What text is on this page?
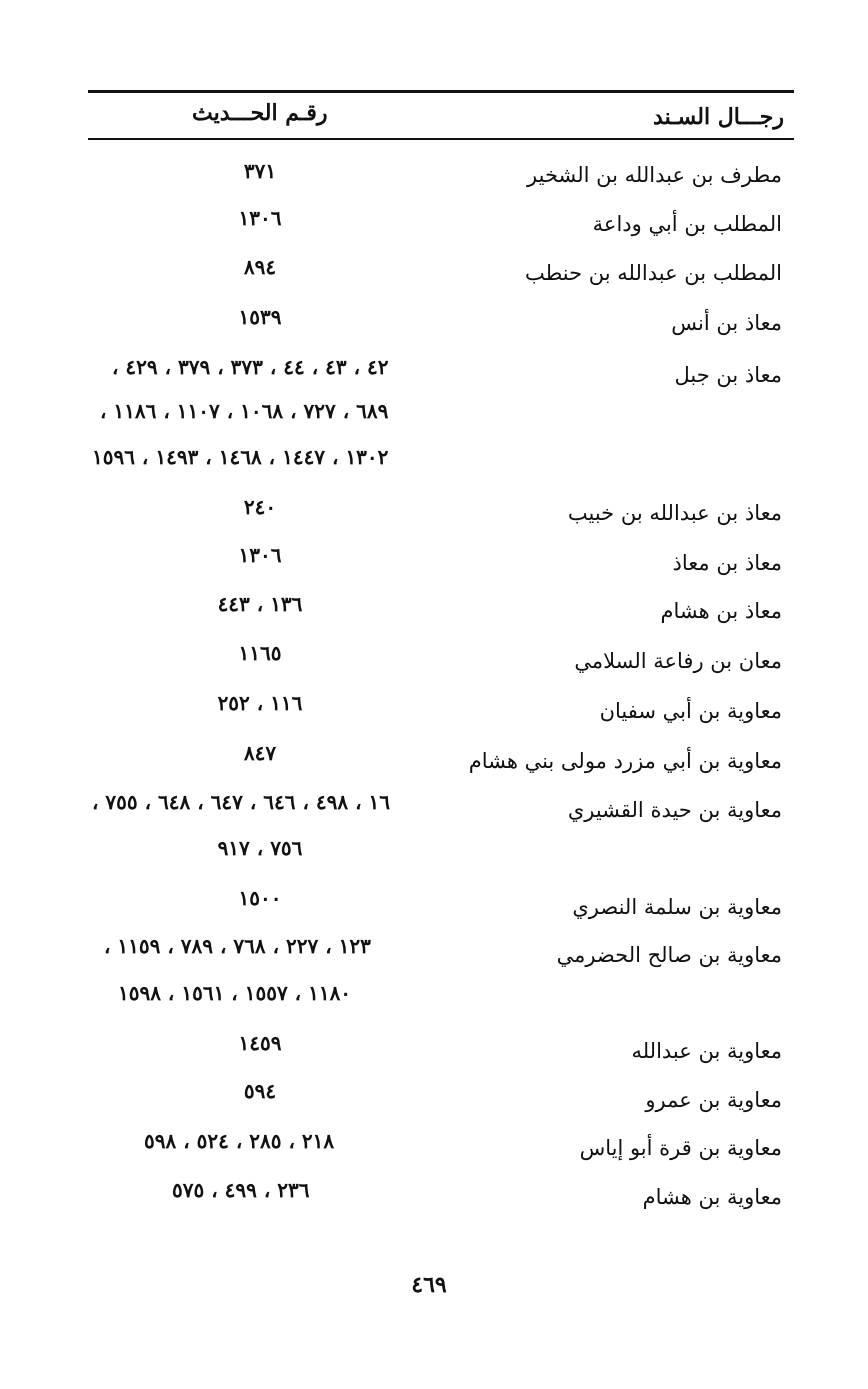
رجـــال السـند
رقـم الحـــديث
مطرف بن عبدالله بن الشخير
٣٧١
المطلب بن أبي وداعة
١٣٠٦
المطلب بن عبدالله بن حنطب
٨٩٤
معاذ بن أنس
١٥٣٩
معاذ بن جبل
٤٢ ، ٤٣ ، ٤٤ ، ٣٧٣ ، ٣٧٩ ، ٤٢٩ ،
٦٨٩ ، ٧٢٧ ، ١٠٦٨ ، ١١٠٧ ، ١١٨٦ ،
١٣٠٢ ، ١٤٤٧ ، ١٤٦٨ ، ١٤٩٣ ، ١٥٩٦
معاذ بن عبدالله بن خبيب
٢٤٠
معاذ بن معاذ
١٣٠٦
معاذ بن هشام
١٣٦ ، ٤٤٣
معان بن رفاعة السلامي
١١٦٥
معاوية بن أبي سفيان
١١٦ ، ٢٥٢
معاوية بن أبي مزرد مولى بني هشام
٨٤٧
معاوية بن حيدة القشيري
١٦ ، ٤٩٨ ، ٦٤٦ ، ٦٤٧ ، ٦٤٨ ، ٧٥٥ ،
٧٥٦ ، ٩١٧
معاوية بن سلمة النصري
١٥٠٠
معاوية بن صالح الحضرمي
١٢٣ ، ٢٢٧ ، ٧٦٨ ، ٧٨٩ ، ١١٥٩ ،
١١٨٠ ، ١٥٥٧ ، ١٥٦١ ، ١٥٩٨
معاوية بن عبدالله
١٤٥٩
معاوية بن عمرو
٥٩٤
معاوية بن قرة أبو إياس
٢١٨ ، ٢٨٥ ، ٥٢٤ ، ٥٩٨
معاوية بن هشام
٢٣٦ ، ٤٩٩ ، ٥٧٥
٤٦٩
